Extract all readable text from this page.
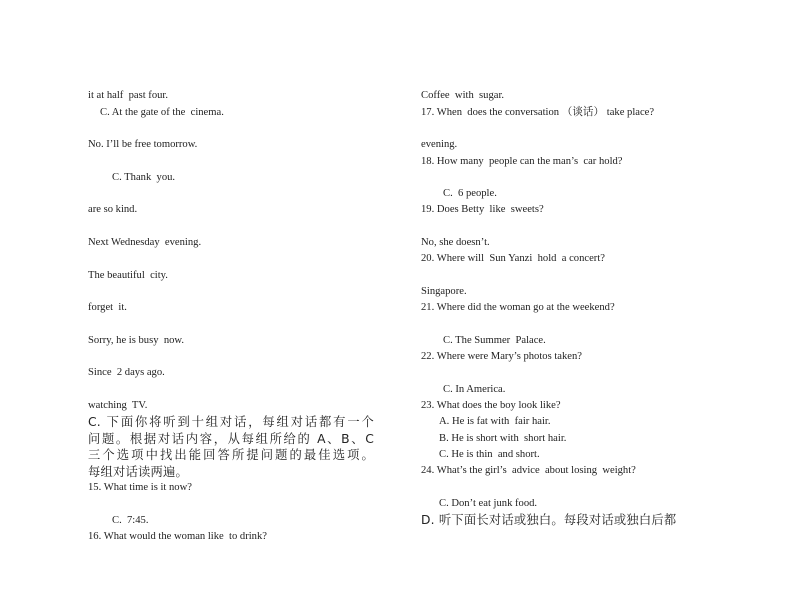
it at half  past four.
C. At the gate of the  cinema.

No. I’ll be free tomorrow.

C. Thank  you.

are so kind.

Next Wednesday  evening.

The beautiful  city.

forget  it.

Sorry, he is busy  now.

Since  2 days ago.

watching  TV.
C. 下面你将听到十组对话，每组对话都有一个
问题。根据对话内容，从每组所给的 A、B、C
三个选项中找出能回答所提问题的最佳选项。
每组对话读两遍。
15. What time is it now?

C.  7:45.
16. What would the woman like  to drink?

Coffee  with  sugar.
17. When  does the conversation （谈话） take place?

evening.
18. How many  people can the man’s  car hold?

C.  6 people.
19. Does Betty  like  sweets?

No, she doesn’t.
20. Where will  Sun Yanzi  hold  a concert?

Singapore.
21. Where did the woman go at the weekend?

C. The Summer  Palace.
22. Where were Mary’s photos taken?

C. In America.
23. What does the boy look like?
A. He is fat with  fair hair.
B. He is short with  short hair.
C. He is thin  and short.
24. What’s the girl’s  advice  about losing  weight?

C. Don’t eat junk food.
D. 听下面长对话或独白。每段对话或独白后都
